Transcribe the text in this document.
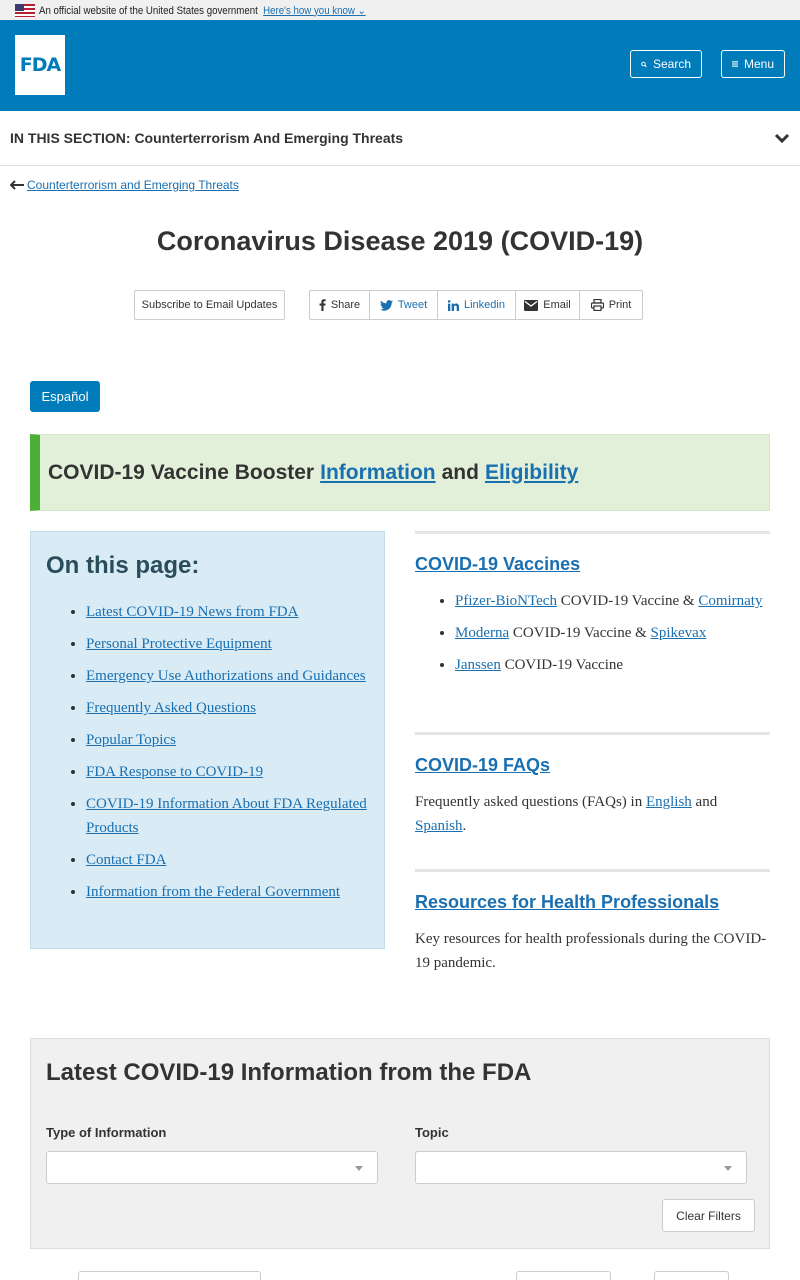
An official website of the United States government Here's how you know ⌄
FDA	Search	Menu
IN THIS SECTION: Counterterrorism And Emerging Threats
Counterterrorism and Emerging Threats
Coronavirus Disease 2019 (COVID-19)
Subscribe to Email Updates	Share	Tweet	Linkedin	Email	Print
Español
COVID-19 Vaccine Booster Information and Eligibility
On this page:
• Latest COVID-19 News from FDA
• Personal Protective Equipment
• Emergency Use Authorizations and Guidances
• Frequently Asked Questions
• Popular Topics
• FDA Response to COVID-19
• COVID-19 Information About FDA Regulated Products
• Contact FDA
• Information from the Federal Government
COVID-19 Vaccines
• Pfizer-BioNTech COVID-19 Vaccine & Comirnaty
• Moderna COVID-19 Vaccine & Spikevax
• Janssen COVID-19 Vaccine
COVID-19 FAQs

Frequently asked questions (FAQs) in English and Spanish.

Resources for Health Professionals

Key resources for health professionals during the COVID-19 pandemic.

Latest COVID-19 Information from the FDA
Type of Information	Topic
Clear Filters
